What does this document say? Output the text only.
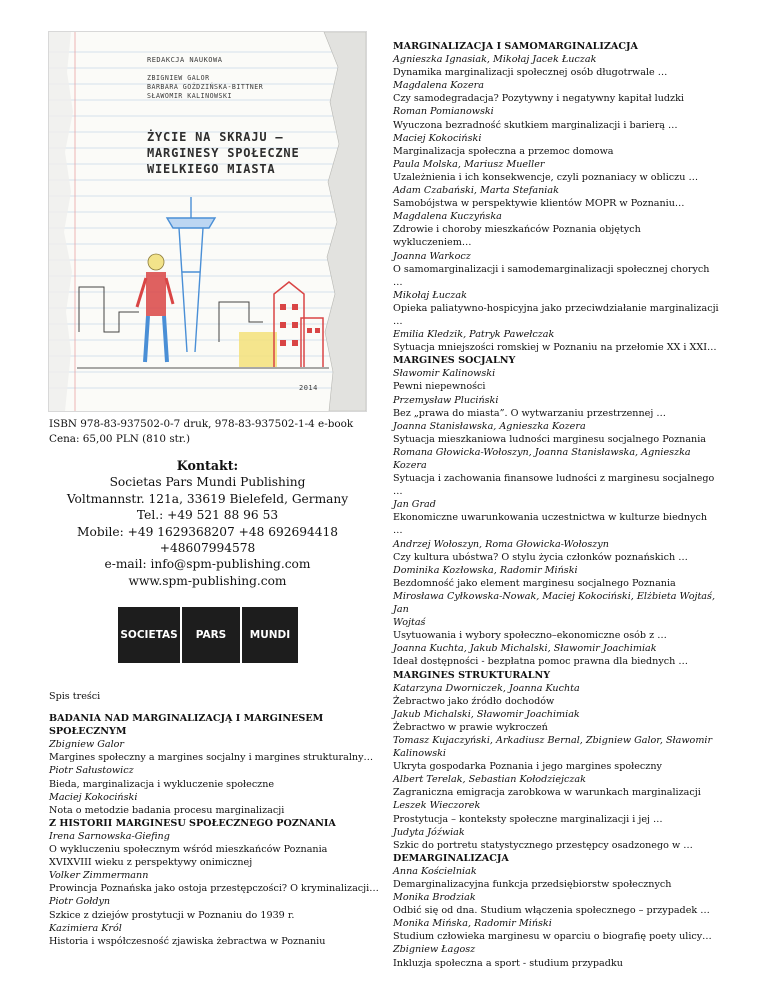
REDAKCJA NAUKOWA
ZBIGNIEW GALOR
BARBARA GOŹDZIŃSKA-BITTNER
SŁAWOMIR KALINOWSKI
ŻYCIE NA SKRAJU –
MARGINESY SPOŁECZNE
WIELKIEGO MIASTA
2014
ISBN 978-83-937502-0-7 druk, 978-83-937502-1-4 e-book
Cena: 65,00 PLN (810 str.)
Kontakt:
Societas Pars Mundi Publishing
Voltmannstr. 121a, 33619 Bielefeld, Germany
Tel.: +49 521 88 96 53
Mobile: +49 1629368207 +48 692694418
+48607994578
e-mail: info@spm-publishing.com
www.spm-publishing.com
SOCIETAS	PARS	MUNDI
Spis treści
BADANIA NAD MARGINALIZACJĄ I MARGINESEM SPOŁECZNYM
Zbigniew Galor
Margines społeczny a margines socjalny i margines strukturalny…
Piotr Sałustowicz
Bieda, marginalizacja i wykluczenie społeczne
Maciej Kokociński
Nota o metodzie badania procesu marginalizacji
Z HISTORII MARGINESU SPOŁECZNEGO POZNANIA
Irena Sarnowska-Giefing
O wykluczeniu społecznym wśród mieszkańców Poznania
XVIXVIII wieku z perspektywy onimicznej
Volker Zimmermann
Prowincja Poznańska jako ostoja przestępczości? O kryminalizacji…
Piotr Gołdyn
Szkice z dziejów prostytucji w Poznaniu do 1939 r.
Kazimiera Król
Historia i współczesność zjawiska żebractwa w Poznaniu
MARGINALIZACJA I SAMOMARGINALIZACJA
Agnieszka Ignasiak, Mikołaj Jacek Łuczak
Dynamika marginalizacji społecznej osób długotrwale …
Magdalena Kozera
Czy samodegradacja? Pozytywny i negatywny kapitał ludzki
Roman Pomianowski
Wyuczona bezradność skutkiem marginalizacji i barierą …
Maciej Kokociński
Marginalizacja społeczna a przemoc domowa
Paula Molska, Mariusz Mueller
Uzależnienia i ich konsekwencje, czyli poznaniacy w obliczu …
Adam Czabański, Marta Stefaniak
Samobójstwa w perspektywie klientów MOPR w Poznaniu…
Magdalena Kuczyńska
Zdrowie i choroby mieszkańców Poznania objętych
wykluczeniem…
Joanna Warkocz
O samomarginalizacji i samodemarginalizacji społecznej chorych
…
Mikołaj Łuczak
Opieka paliatywno-hospicyjna jako przeciwdziałanie marginalizacji
…
Emilia Kledzik, Patryk Pawełczak
Sytuacja mniejszości romskiej w Poznaniu na przełomie XX i XXI…
MARGINES SOCJALNY
Sławomir Kalinowski
Pewni niepewności
Przemysław Pluciński
Bez „prawa do miasta”. O wytwarzaniu przestrzennej …
Joanna Stanisławska, Agnieszka Kozera
Sytuacja mieszkaniowa ludności marginesu socjalnego Poznania
Romana Głowicka-Wołoszyn, Joanna Stanisławska, Agnieszka
Kozera
Sytuacja i zachowania finansowe ludności z marginesu socjalnego
…
Jan Grad
Ekonomiczne uwarunkowania uczestnictwa w kulturze biednych
…
Andrzej Wołoszyn, Roma Głowicka-Wołoszyn
Czy kultura ubóstwa? O stylu życia członków poznańskich …
Dominika Kozłowska, Radomir Miński
Bezdomność jako element marginesu socjalnego Poznania
Mirosława Cyłkowska-Nowak, Maciej Kokociński, Elżbieta Wojtaś,
Jan
Wojtaś
Usytuowania i wybory społeczno–ekonomiczne osób z …
Joanna Kuchta, Jakub Michalski, Sławomir Joachimiak
Ideał dostępności - bezpłatna pomoc prawna dla biednych …
MARGINES STRUKTURALNY
Katarzyna Dworniczek, Joanna Kuchta
Żebractwo jako źródło dochodów
Jakub Michalski, Sławomir Joachimiak
Żebractwo w prawie wykroczeń
Tomasz Kujaczyński, Arkadiusz Bernal, Zbigniew Galor, Sławomir
Kalinowski
Ukryta gospodarka Poznania i jego margines społeczny
Albert Terelak, Sebastian Kołodziejczak
Zagraniczna emigracja zarobkowa w warunkach marginalizacji
Leszek Wieczorek
Prostytucja – konteksty społeczne marginalizacji i jej …
Judyta Jóźwiak
Szkic do portretu statystycznego przestępcy osadzonego w …
DEMARGINALIZACJA
Anna Kościelniak
Demarginalizacyjna funkcja przedsiębiorstw społecznych
Monika Brodziak
Odbić się od dna. Studium włączenia społecznego – przypadek …
Monika Mińska, Radomir Miński
Studium człowieka marginesu w oparciu o biografię poety ulicy…
Zbigniew Łagosz
Inkluzja społeczna a sport - studium przypadku
